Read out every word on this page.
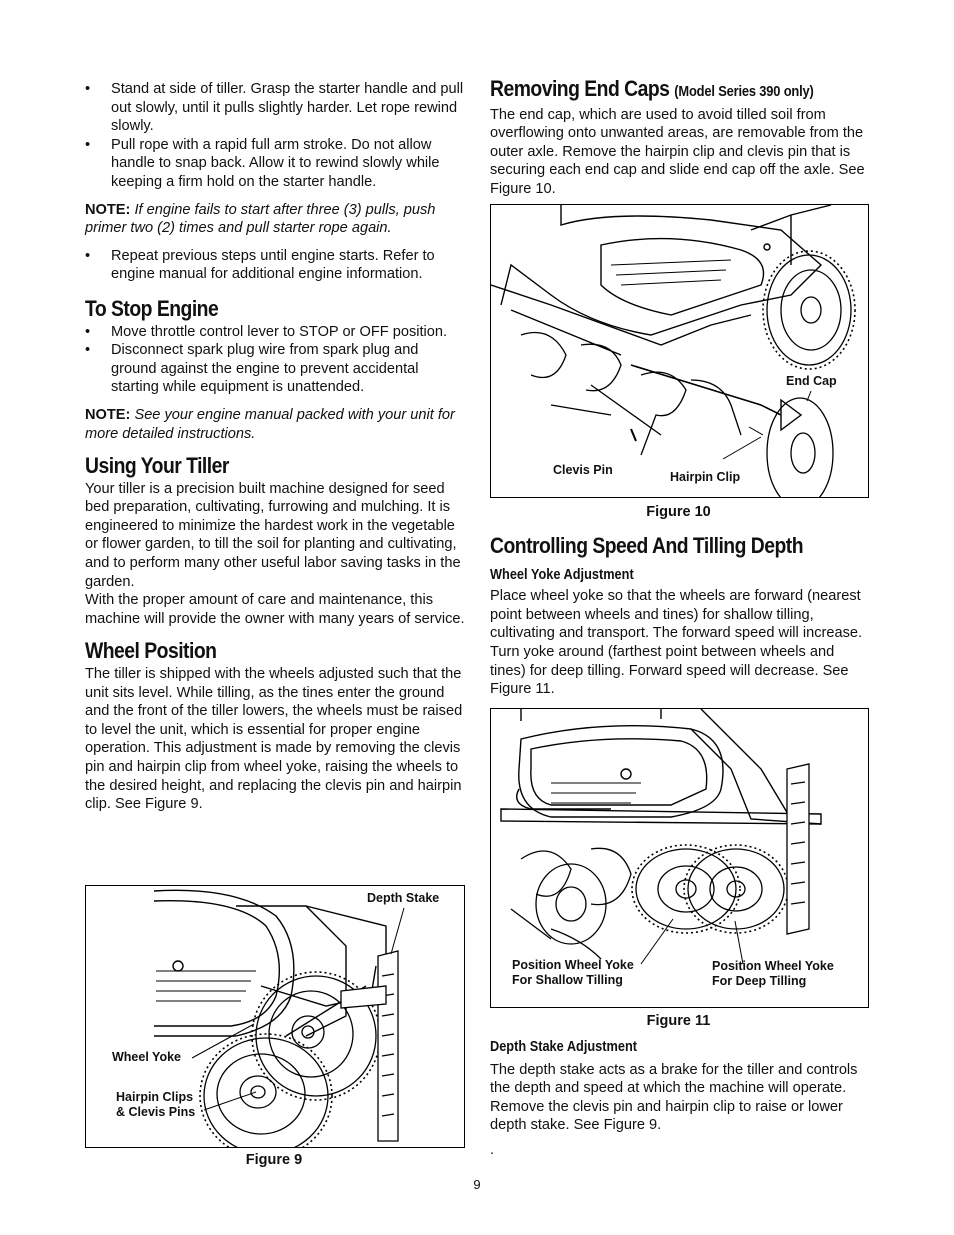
• Stand at side of tiller. Grasp the starter handle and pull out slowly, until it pulls slightly harder. Let rope rewind slowly.
• Pull rope with a rapid full arm stroke. Do not allow handle to snap back. Allow it to rewind slowly while keeping a firm hold on the starter handle.

NOTE: If engine fails to start after three (3) pulls, push primer two (2) times and pull starter rope again.

• Repeat previous steps until engine starts. Refer to engine manual for additional engine information.
To Stop Engine
• Move throttle control lever to STOP or OFF position.
• Disconnect spark plug wire from spark plug and ground against the engine to prevent accidental starting while equipment is unattended.

NOTE: See your engine manual packed with your unit for more detailed instructions.

Using Your Tiller

Your tiller is a precision built machine designed for seed bed preparation, cultivating, furrowing and mulching. It is engineered to minimize the hardest work in the vegetable or flower garden, to till the soil for planting and cultivating, and to perform many other useful labor saving tasks in the garden.

With the proper amount of care and maintenance, this machine will provide the owner with many years of service.

Wheel Position

The tiller is shipped with the wheels adjusted such that the unit sits level. While tilling, as the tines enter the ground and the front of the tiller lowers, the wheels must be raised to level the unit, which is essential for proper engine operation. This adjustment is made by removing the clevis pin and hairpin clip from wheel yoke, raising the wheels to the desired height, and replacing the clevis pin and hairpin clip. See Figure 9.

Depth Stake
Wheel Yoke
Hairpin Clips
& Clevis Pins
Figure 9
Removing End Caps (Model Series 390 only)

The end cap, which are used to avoid tilled soil from overflowing onto unwanted areas, are removable from the outer axle. Remove the hairpin clip and clevis pin that is securing each end cap and slide end cap off the axle. See Figure 10.

End Cap
Clevis Pin	Hairpin Clip
Figure 10
Controlling Speed And Tilling Depth
Wheel Yoke Adjustment

Place wheel yoke so that the wheels are forward (nearest point between wheels and tines) for shallow tilling, cultivating and transport. The forward speed will increase. Turn yoke around (farthest point between wheels and tines) for deep tilling. Forward speed will decrease. See Figure 11.

Position Wheel Yoke
For Shallow Tilling
Position Wheel Yoke
For Deep Tilling
Figure 11
Depth Stake Adjustment

The depth stake acts as a brake for the tiller and controls the depth and speed at which the machine will operate. Remove the clevis pin and hairpin clip to raise or lower depth stake. See Figure 9.

.

9
